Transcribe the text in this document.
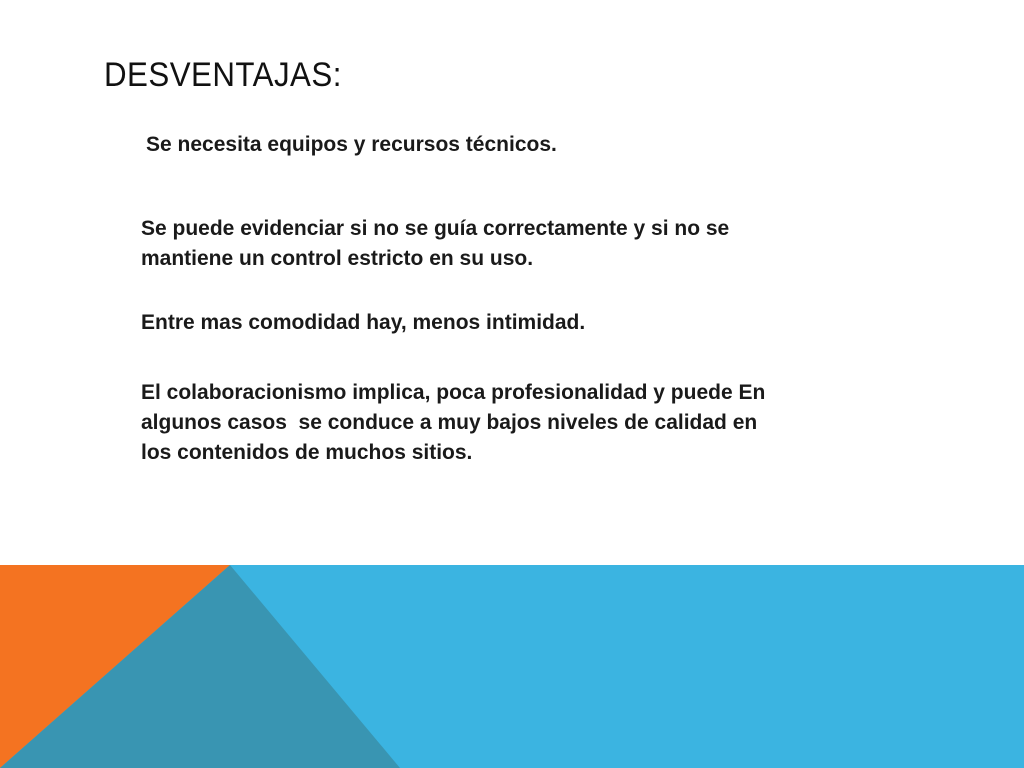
DESVENTAJAS:

Se necesita equipos y recursos técnicos.

Se puede evidenciar si no se guía correctamente y si no se
mantiene un control estricto en su uso.

Entre mas comodidad hay, menos intimidad.

El colaboracionismo implica, poca profesionalidad y puede En
algunos casos  se conduce a muy bajos niveles de calidad en
los contenidos de muchos sitios.
